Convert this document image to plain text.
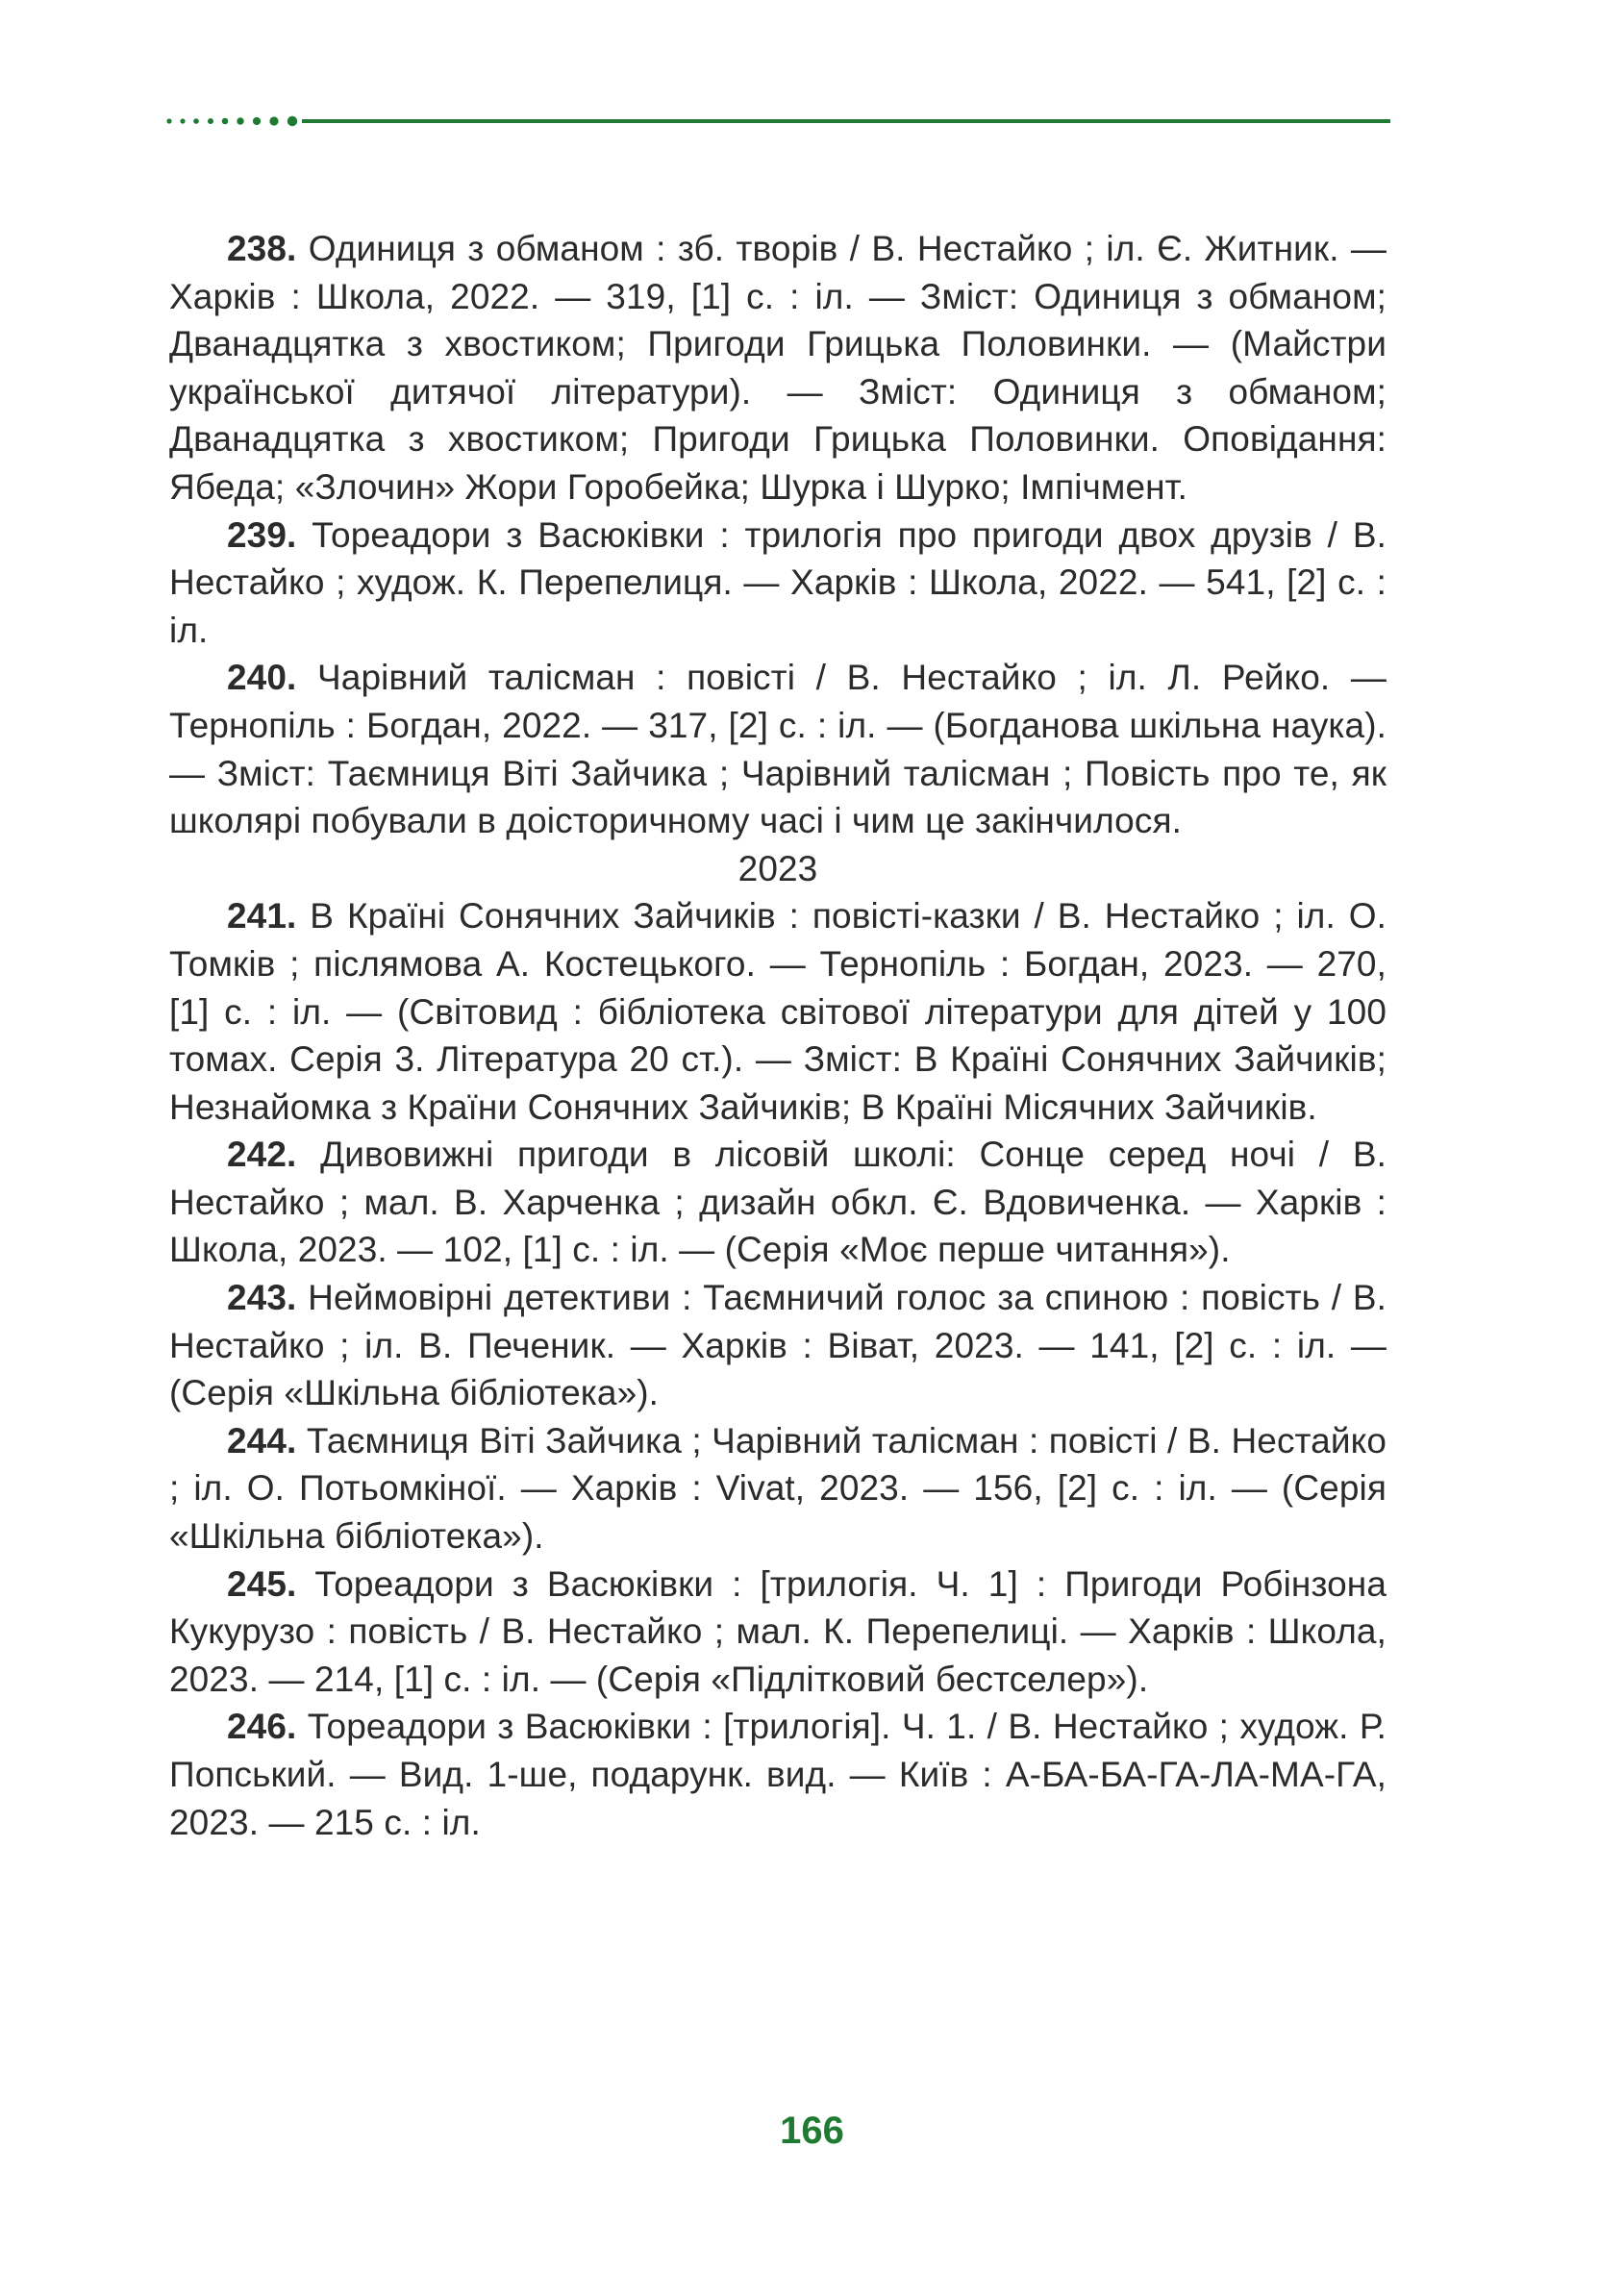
238. Одиниця з обманом : зб. творів / В. Нестайко ; іл. Є. Житник. — Харків : Школа, 2022. — 319, [1] с. : іл. — Зміст: Одиниця з обманом; Дванадцятка з хвостиком; Пригоди Грицька Половинки. — (Майстри української дитячої літератури). — Зміст: Одиниця з обманом; Дванадцятка з хвостиком; Пригоди Грицька Половинки. Оповідання: Ябеда; «Злочин» Жори Горобейка; Шурка і Шурко; Імпічмент.

239. Тореадори з Васюківки : трилогія про пригоди двох друзів / В. Нестайко ; худож. К. Перепелиця. — Харків : Школа, 2022. — 541, [2] с. : іл.

240. Чарівний талісман : повісті / В. Нестайко ; іл. Л. Рейко. — Тернопіль : Богдан, 2022. — 317, [2] с. : іл. — (Богданова шкільна наука). — Зміст: Таємниця Віті Зайчика ; Чарівний талісман ; Повість про те, як школярі побували в доісторичному часі і чим це закінчилося.

2023

241. В Країні Сонячних Зайчиків : повісті-казки / В. Нестайко ; іл. О. Томків ; післямова А. Костецького. — Тернопіль : Богдан, 2023. — 270, [1] с. : іл. — (Світовид : бібліотека світової літератури для дітей у 100 томах. Серія 3. Література 20 ст.). — Зміст: В Країні Сонячних Зайчиків; Незнайомка з Країни Сонячних Зайчиків; В Країні Місячних Зайчиків.

242. Дивовижні пригоди в лісовій школі: Сонце серед ночі / В. Нестайко ; мал. В. Харченка ; дизайн обкл. Є. Вдовиченка. — Харків : Школа, 2023. — 102, [1] с. : іл. — (Серія «Моє перше читання»).

243. Неймовірні детективи : Таємничий голос за спиною : повість / В. Нестайко ; іл. В. Печеник. — Харків : Віват, 2023. — 141, [2] с. : іл. — (Серія «Шкільна бібліотека»).

244. Таємниця Віті Зайчика ; Чарівний талісман : повісті / В. Нестайко ; іл. О. Потьомкіної. — Харків : Vivat, 2023. — 156, [2] с. : іл. — (Серія «Шкільна бібліотека»).

245. Тореадори з Васюківки : [трилогія. Ч. 1] : Пригоди Робінзона Кукурузо : повість / В. Нестайко ; мал. К. Перепелиці. — Харків : Школа, 2023. — 214, [1] с. : іл. — (Серія «Підлітковий бестселер»).

246. Тореадори з Васюківки : [трилогія]. Ч. 1. / В. Нестайко ; худож. Р. Попський. — Вид. 1-ше, подарунк. вид. — Київ : А-БА-БА-ГА-ЛА-МА-ГА, 2023. — 215 с. : іл.

166
